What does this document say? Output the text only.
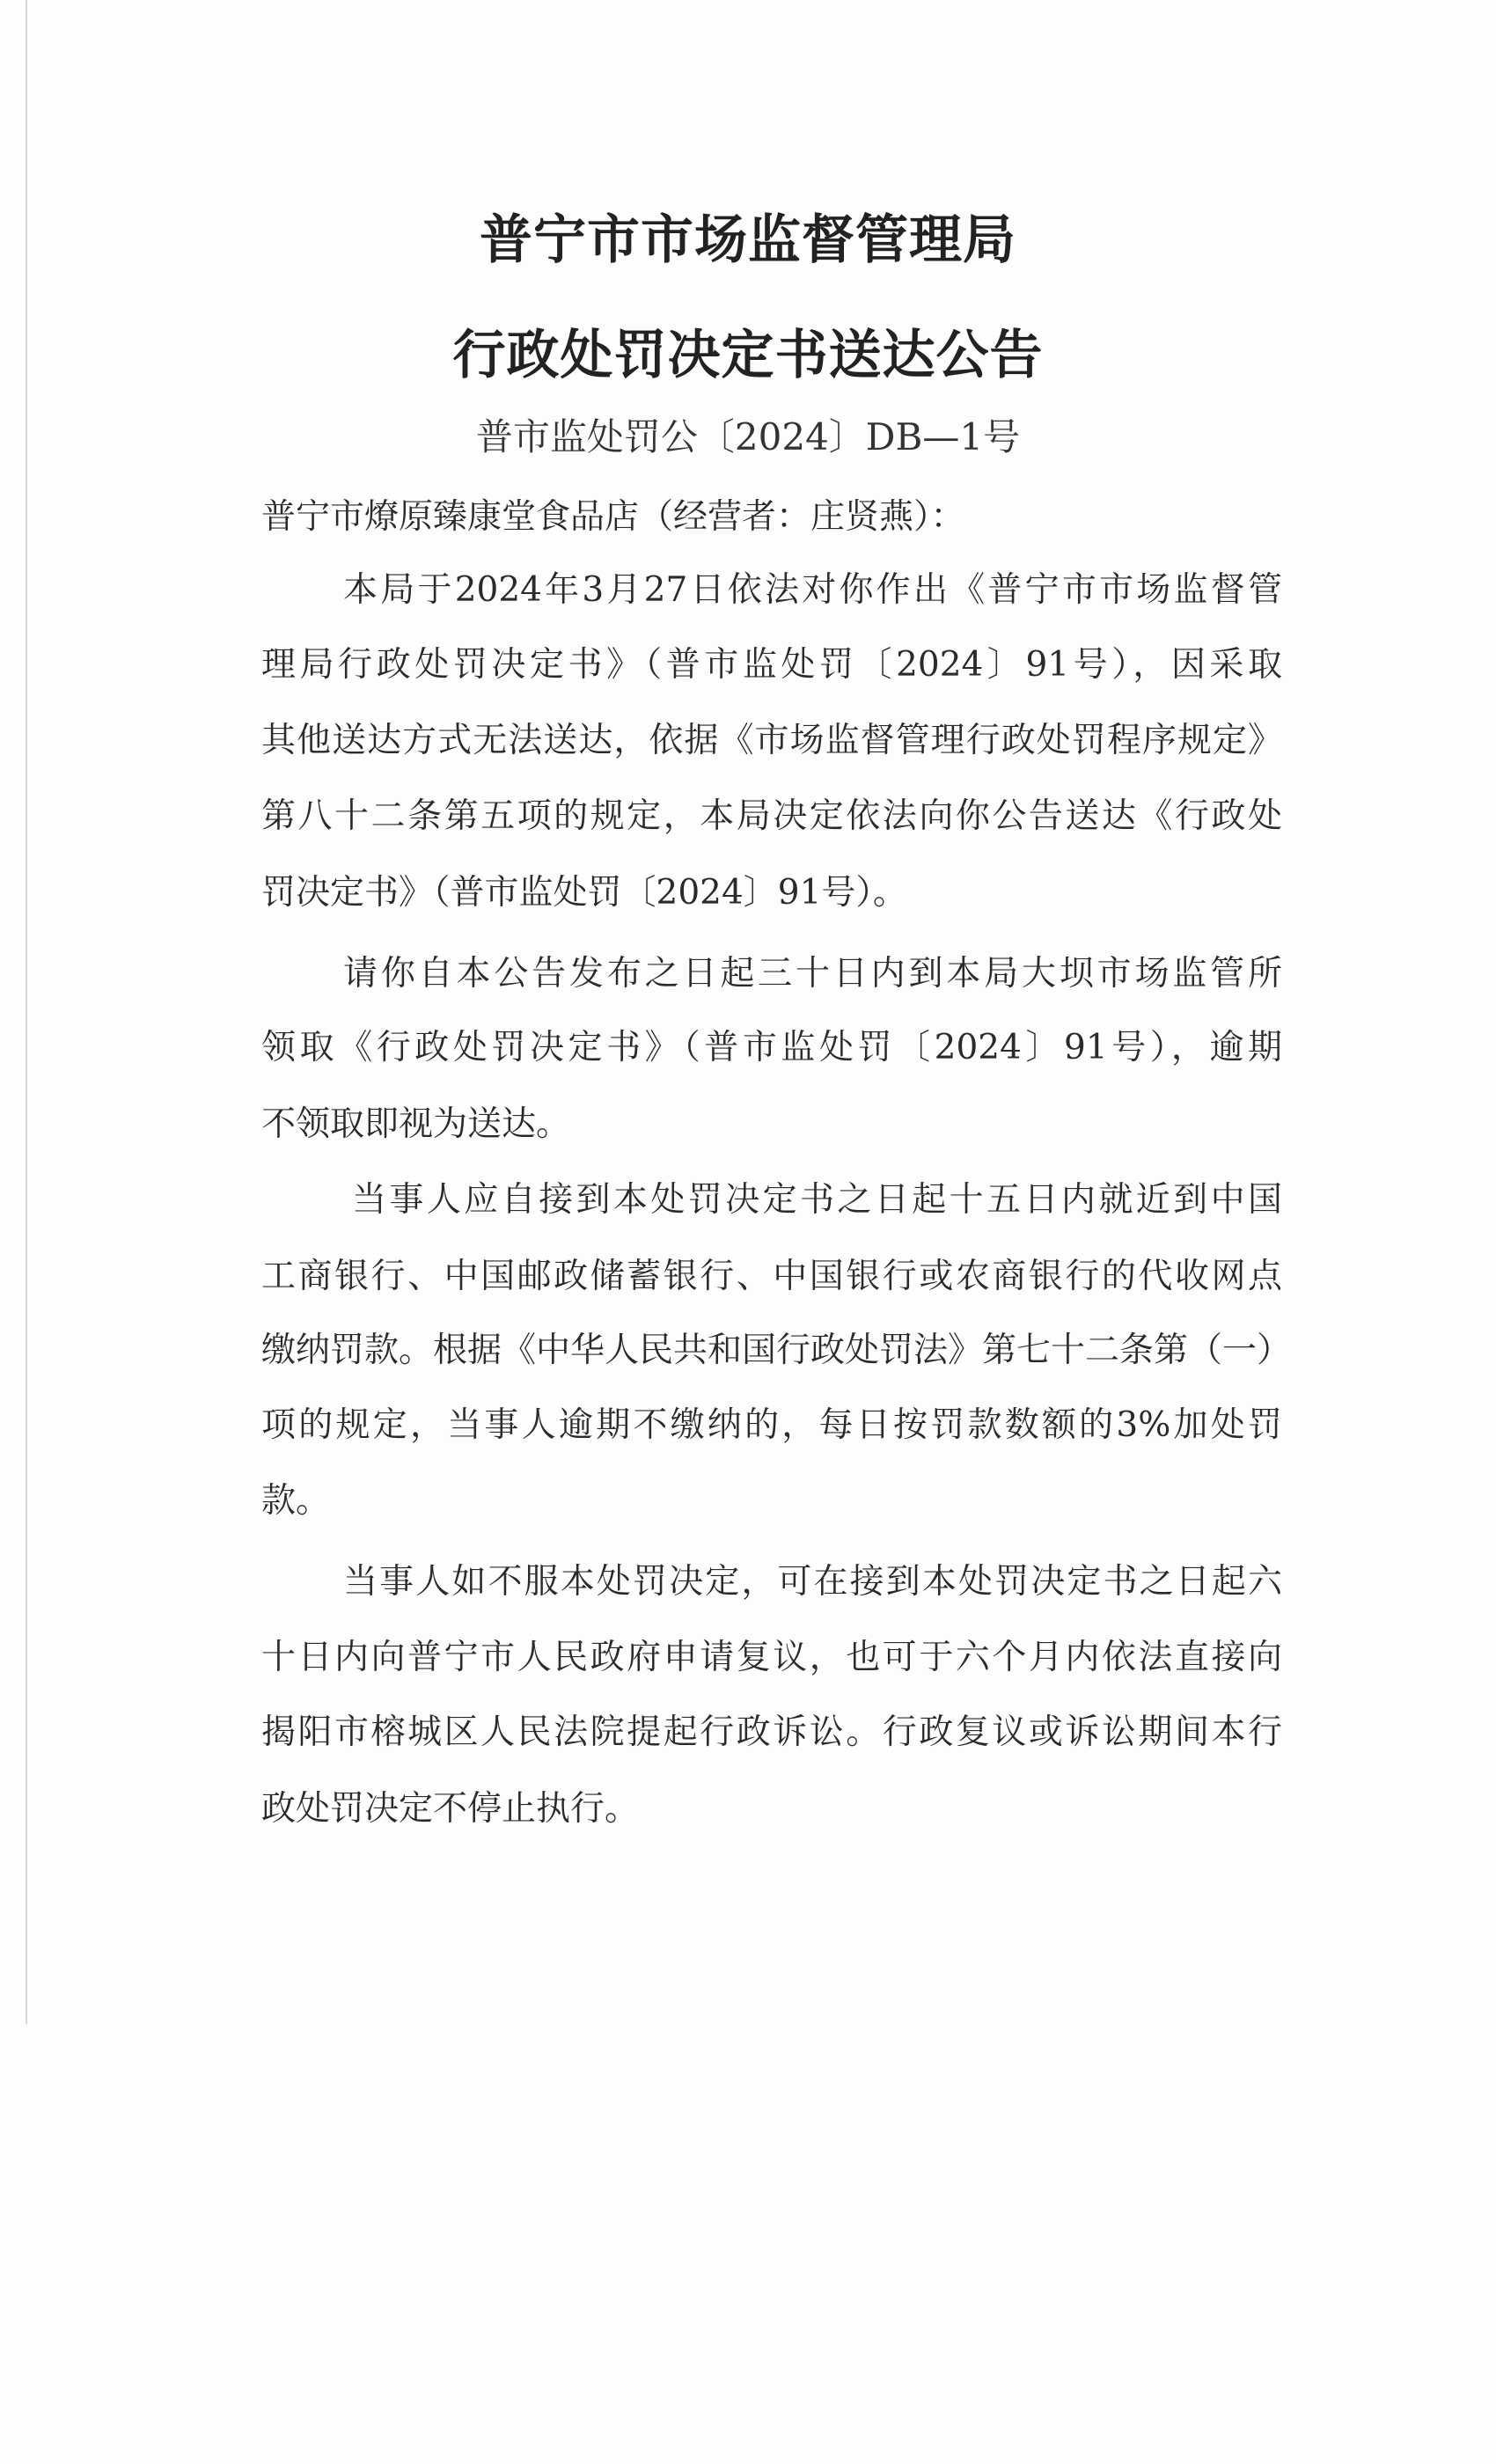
普宁市市场监督管理局
行政处罚决定书送达公告
普市监处罚公〔2024〕DB—1号
普宁市燎原臻康堂食品店（经营者：庄贤燕）：
本局于2024年3月27日依法对你作出《普宁市市场监督管
理局行政处罚决定书》（普市监处罚〔2024〕91号），因采取
其他送达方式无法送达，依据《市场监督管理行政处罚程序规定》
第八十二条第五项的规定，本局决定依法向你公告送达《行政处
罚决定书》（普市监处罚〔2024〕91号）。
请你自本公告发布之日起三十日内到本局大坝市场监管所
领取《行政处罚决定书》（普市监处罚〔2024〕91号），逾期
不领取即视为送达。
当事人应自接到本处罚决定书之日起十五日内就近到中国
工商银行、中国邮政储蓄银行、中国银行或农商银行的代收网点
缴纳罚款。根据《中华人民共和国行政处罚法》第七十二条第（一）
项的规定，当事人逾期不缴纳的，每日按罚款数额的3%加处罚
款。
当事人如不服本处罚决定，可在接到本处罚决定书之日起六
十日内向普宁市人民政府申请复议，也可于六个月内依法直接向
揭阳市榕城区人民法院提起行政诉讼。行政复议或诉讼期间本行
政处罚决定不停止执行。
